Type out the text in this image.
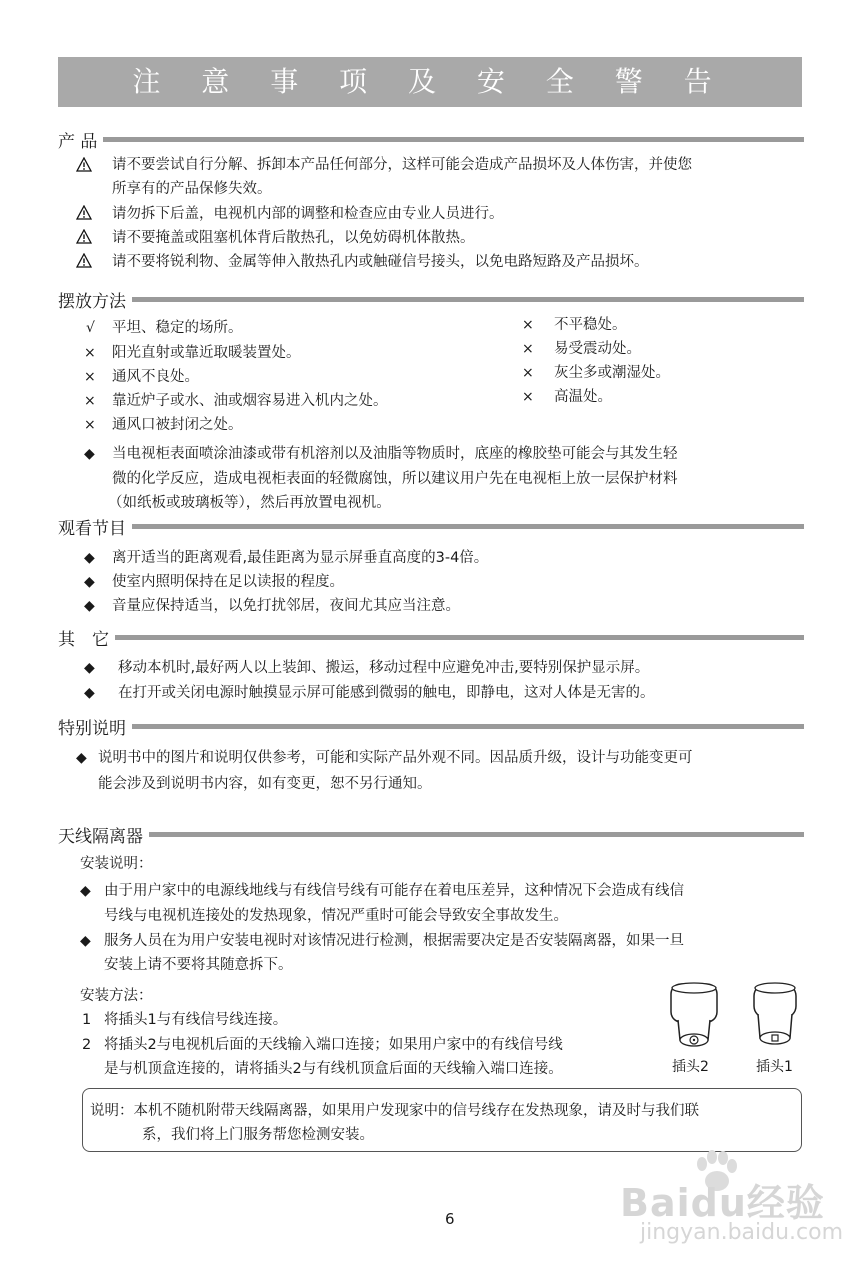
注 意 事 项 及 安 全 警 告
产 品
请不要尝试自行分解、拆卸本产品任何部分，这样可能会造成产品损坏及人体伤害，并使您
所享有的产品保修失效。
请勿拆下后盖，电视机内部的调整和检查应由专业人员进行。
请不要掩盖或阻塞机体背后散热孔，以免妨碍机体散热。
请不要将锐利物、金属等伸入散热孔内或触碰信号接头，以免电路短路及产品损坏。
摆放方法
√ 平坦、稳定的场所。
× 阳光直射或靠近取暖装置处。
× 通风不良处。
× 靠近炉子或水、油或烟容易进入机内之处。
× 通风口被封闭之处。
× 不平稳处。
× 易受震动处。
× 灰尘多或潮湿处。
× 高温处。
◆ 当电视柜表面喷涂油漆或带有机溶剂以及油脂等物质时，底座的橡胶垫可能会与其发生轻
微的化学反应，造成电视柜表面的轻微腐蚀，所以建议用户先在电视柜上放一层保护材料
（如纸板或玻璃板等），然后再放置电视机。
观看节目
◆ 离开适当的距离观看,最佳距离为显示屏垂直高度的3-4倍。
◆ 使室内照明保持在足以读报的程度。
◆ 音量应保持适当，以免打扰邻居，夜间尤其应当注意。
其　它
◆ 移动本机时,最好两人以上装卸、搬运，移动过程中应避免冲击,要特别保护显示屏。
◆ 在打开或关闭电源时触摸显示屏可能感到微弱的触电，即静电，这对人体是无害的。
特别说明
◆ 说明书中的图片和说明仅供参考，可能和实际产品外观不同。因品质升级，设计与功能变更可
能会涉及到说明书内容，如有变更，恕不另行通知。
天线隔离器
安装说明：
◆ 由于用户家中的电源线地线与有线信号线有可能存在着电压差异，这种情况下会造成有线信
号线与电视机连接处的发热现象，情况严重时可能会导致安全事故发生。
◆ 服务人员在为用户安装电视时对该情况进行检测，根据需要决定是否安装隔离器，如果一旦
安装上请不要将其随意拆下。
安装方法：
1 将插头1与有线信号线连接。
2 将插头2与电视机后面的天线输入端口连接；如果用户家中的有线信号线
是与机顶盒连接的，请将插头2与有线机顶盒后面的天线输入端口连接。	插头2	插头1
说明：本机不随机附带天线隔离器，如果用户发现家中的信号线存在发热现象，请及时与我们联
系，我们将上门服务帮您检测安装。
6	Baidu经验
jingyan.baidu.com
